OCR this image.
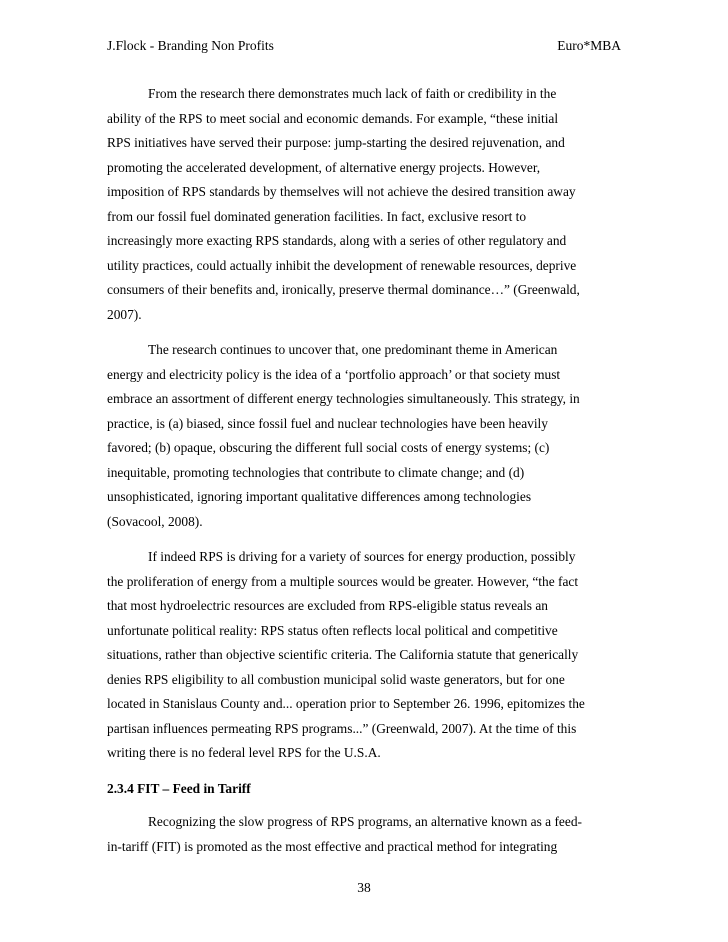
J.Flock - Branding Non Profits	Euro*MBA

From the research there demonstrates much lack of faith or credibility in the
ability of the RPS to meet social and economic demands. For example, “these initial
RPS initiatives have served their purpose: jump-starting the desired rejuvenation, and
promoting the accelerated development, of alternative energy projects. However,
imposition of RPS standards by themselves will not achieve the desired transition away
from our fossil fuel dominated generation facilities. In fact, exclusive resort to
increasingly more exacting RPS standards, along with a series of other regulatory and
utility practices, could actually inhibit the development of renewable resources, deprive
consumers of their benefits and, ironically, preserve thermal dominance…” (Greenwald,
2007).

The research continues to uncover that, one predominant theme in American
energy and electricity policy is the idea of a ‘portfolio approach’ or that society must
embrace an assortment of different energy technologies simultaneously. This strategy, in
practice, is (a) biased, since fossil fuel and nuclear technologies have been heavily
favored; (b) opaque, obscuring the different full social costs of energy systems; (c)
inequitable, promoting technologies that contribute to climate change; and (d)
unsophisticated, ignoring important qualitative differences among technologies
(Sovacool, 2008).

If indeed RPS is driving for a variety of sources for energy production, possibly
the proliferation of energy from a multiple sources would be greater. However, “the fact
that most hydroelectric resources are excluded from RPS-eligible status reveals an
unfortunate political reality: RPS status often reflects local political and competitive
situations, rather than objective scientific criteria. The California statute that generically
denies RPS eligibility to all combustion municipal solid waste generators, but for one
located in Stanislaus County and... operation prior to September 26. 1996, epitomizes the
partisan influences permeating RPS programs...” (Greenwald, 2007). At the time of this
writing there is no federal level RPS for the U.S.A.

2.3.4 FIT – Feed in Tariff

Recognizing the slow progress of RPS programs, an alternative known as a feed-
in-tariff (FIT) is promoted as the most effective and practical method for integrating

38
